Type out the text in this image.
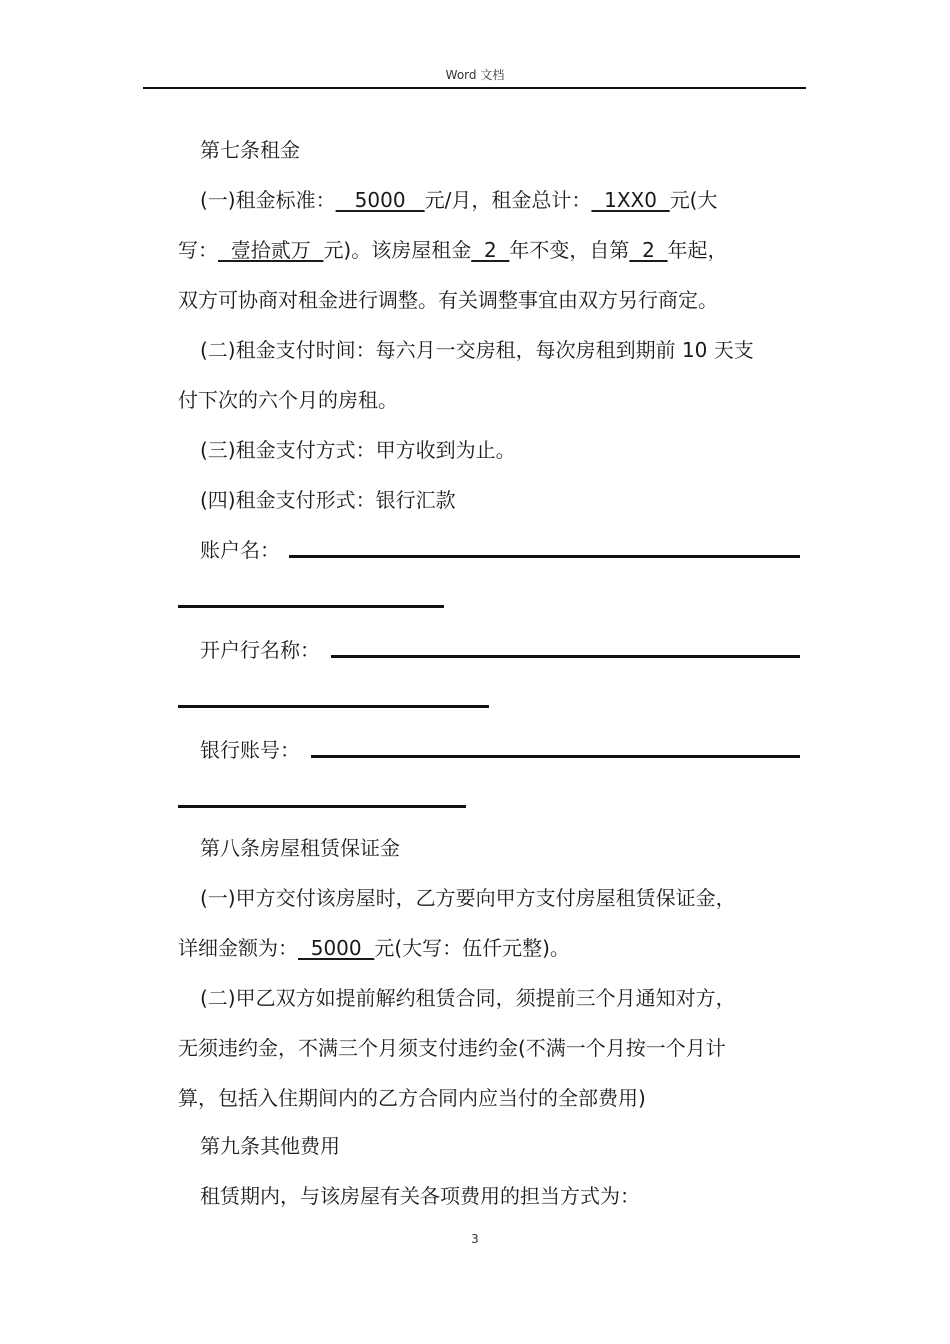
Word 文档
第七条租金
(一)租金标准：   5000   元/月，租金总计：  1XX0  元(大
写：  壹拾贰万  元)。该房屋租金  2  年不变，自第  2  年起，
双方可协商对租金进行调整。有关调整事宜由双方另行商定。
(二)租金支付时间：每六月一交房租，每次房租到期前 10 天支
付下次的六个月的房租。
(三)租金支付方式：甲方收到为止。
(四)租金支付形式：银行汇款
账户名：
开户行名称：
银行账号：
第八条房屋租赁保证金
(一)甲方交付该房屋时，乙方要向甲方支付房屋租赁保证金，
详细金额为：  5000  元(大写：伍仟元整)。
(二)甲乙双方如提前解约租赁合同，须提前三个月通知对方，
无须违约金，不满三个月须支付违约金(不满一个月按一个月计
算，包括入住期间内的乙方合同内应当付的全部费用)
第九条其他费用
租赁期内，与该房屋有关各项费用的担当方式为：
3
